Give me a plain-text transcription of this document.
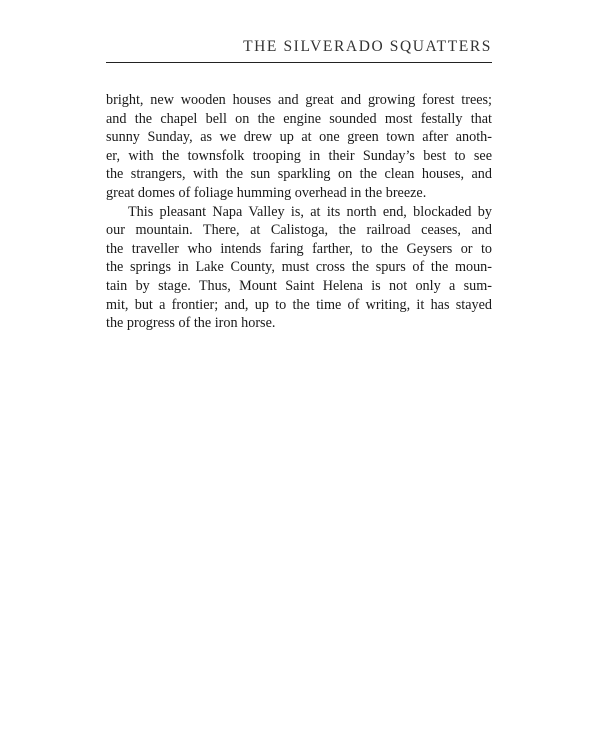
THE SILVERADO SQUATTERS
bright, new wooden houses and great and growing forest trees;
and the chapel bell on the engine sounded most festally that
sunny Sunday, as we drew up at one green town after anoth-
er, with the townsfolk trooping in their Sunday’s best to see
the strangers, with the sun sparkling on the clean houses, and
great domes of foliage humming overhead in the breeze.
This pleasant Napa Valley is, at its north end, blockaded by
our mountain. There, at Calistoga, the railroad ceases, and
the traveller who intends faring farther, to the Geysers or to
the springs in Lake County, must cross the spurs of the moun-
tain by stage. Thus, Mount Saint Helena is not only a sum-
mit, but a frontier; and, up to the time of writing, it has stayed
the progress of the iron horse.
